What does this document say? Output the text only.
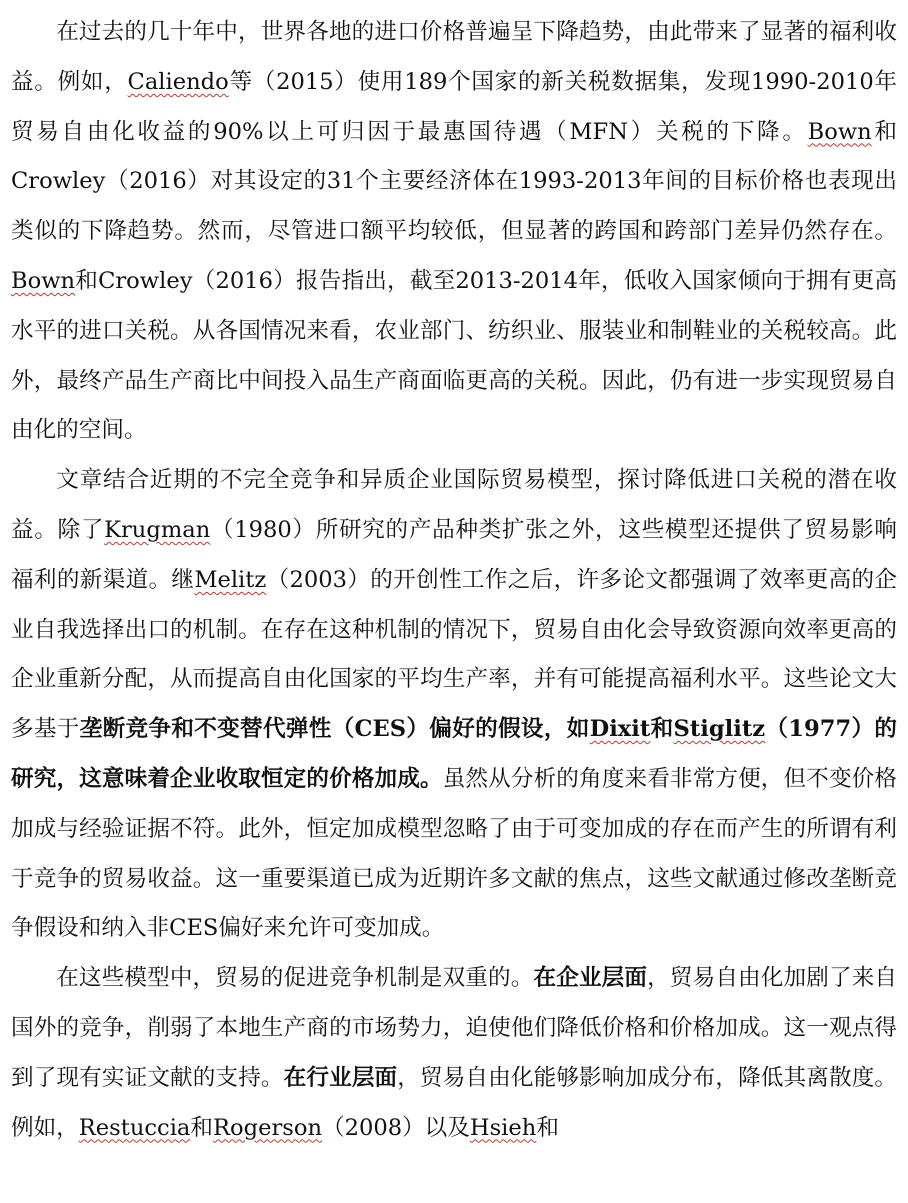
在过去的几十年中，世界各地的进口价格普遍呈下降趋势，由此带来了显著的福利收益。例如，Caliendo等（2015）使用189个国家的新关税数据集，发现1990-2010年贸易自由化收益的90%以上可归因于最惠国待遇（MFN）关税的下降。Bown和Crowley（2016）对其设定的31个主要经济体在1993-2013年间的目标价格也表现出类似的下降趋势。然而，尽管进口额平均较低，但显著的跨国和跨部门差异仍然存在。Bown和Crowley（2016）报告指出，截至2013-2014年，低收入国家倾向于拥有更高水平的进口关税。从各国情况来看，农业部门、纺织业、服装业和制鞋业的关税较高。此外，最终产品生产商比中间投入品生产商面临更高的关税。因此，仍有进一步实现贸易自由化的空间。

文章结合近期的不完全竞争和异质企业国际贸易模型，探讨降低进口关税的潜在收益。除了Krugman（1980）所研究的产品种类扩张之外，这些模型还提供了贸易影响福利的新渠道。继Melitz（2003）的开创性工作之后，许多论文都强调了效率更高的企业自我选择出口的机制。在存在这种机制的情况下，贸易自由化会导致资源向效率更高的企业重新分配，从而提高自由化国家的平均生产率，并有可能提高福利水平。这些论文大多基于垄断竞争和不变替代弹性（CES）偏好的假设，如Dixit和Stiglitz（1977）的研究，这意味着企业收取恒定的价格加成。虽然从分析的角度来看非常方便，但不变价格加成与经验证据不符。此外，恒定加成模型忽略了由于可变加成的存在而产生的所谓有利于竞争的贸易收益。这一重要渠道已成为近期许多文献的焦点，这些文献通过修改垄断竞争假设和纳入非CES偏好来允许可变加成。

在这些模型中，贸易的促进竞争机制是双重的。在企业层面，贸易自由化加剧了来自国外的竞争，削弱了本地生产商的市场势力，迫使他们降低价格和价格加成。这一观点得到了现有实证文献的支持。在行业层面，贸易自由化能够影响加成分布，降低其离散度。例如，Restuccia和Rogerson（2008）以及Hsieh和
